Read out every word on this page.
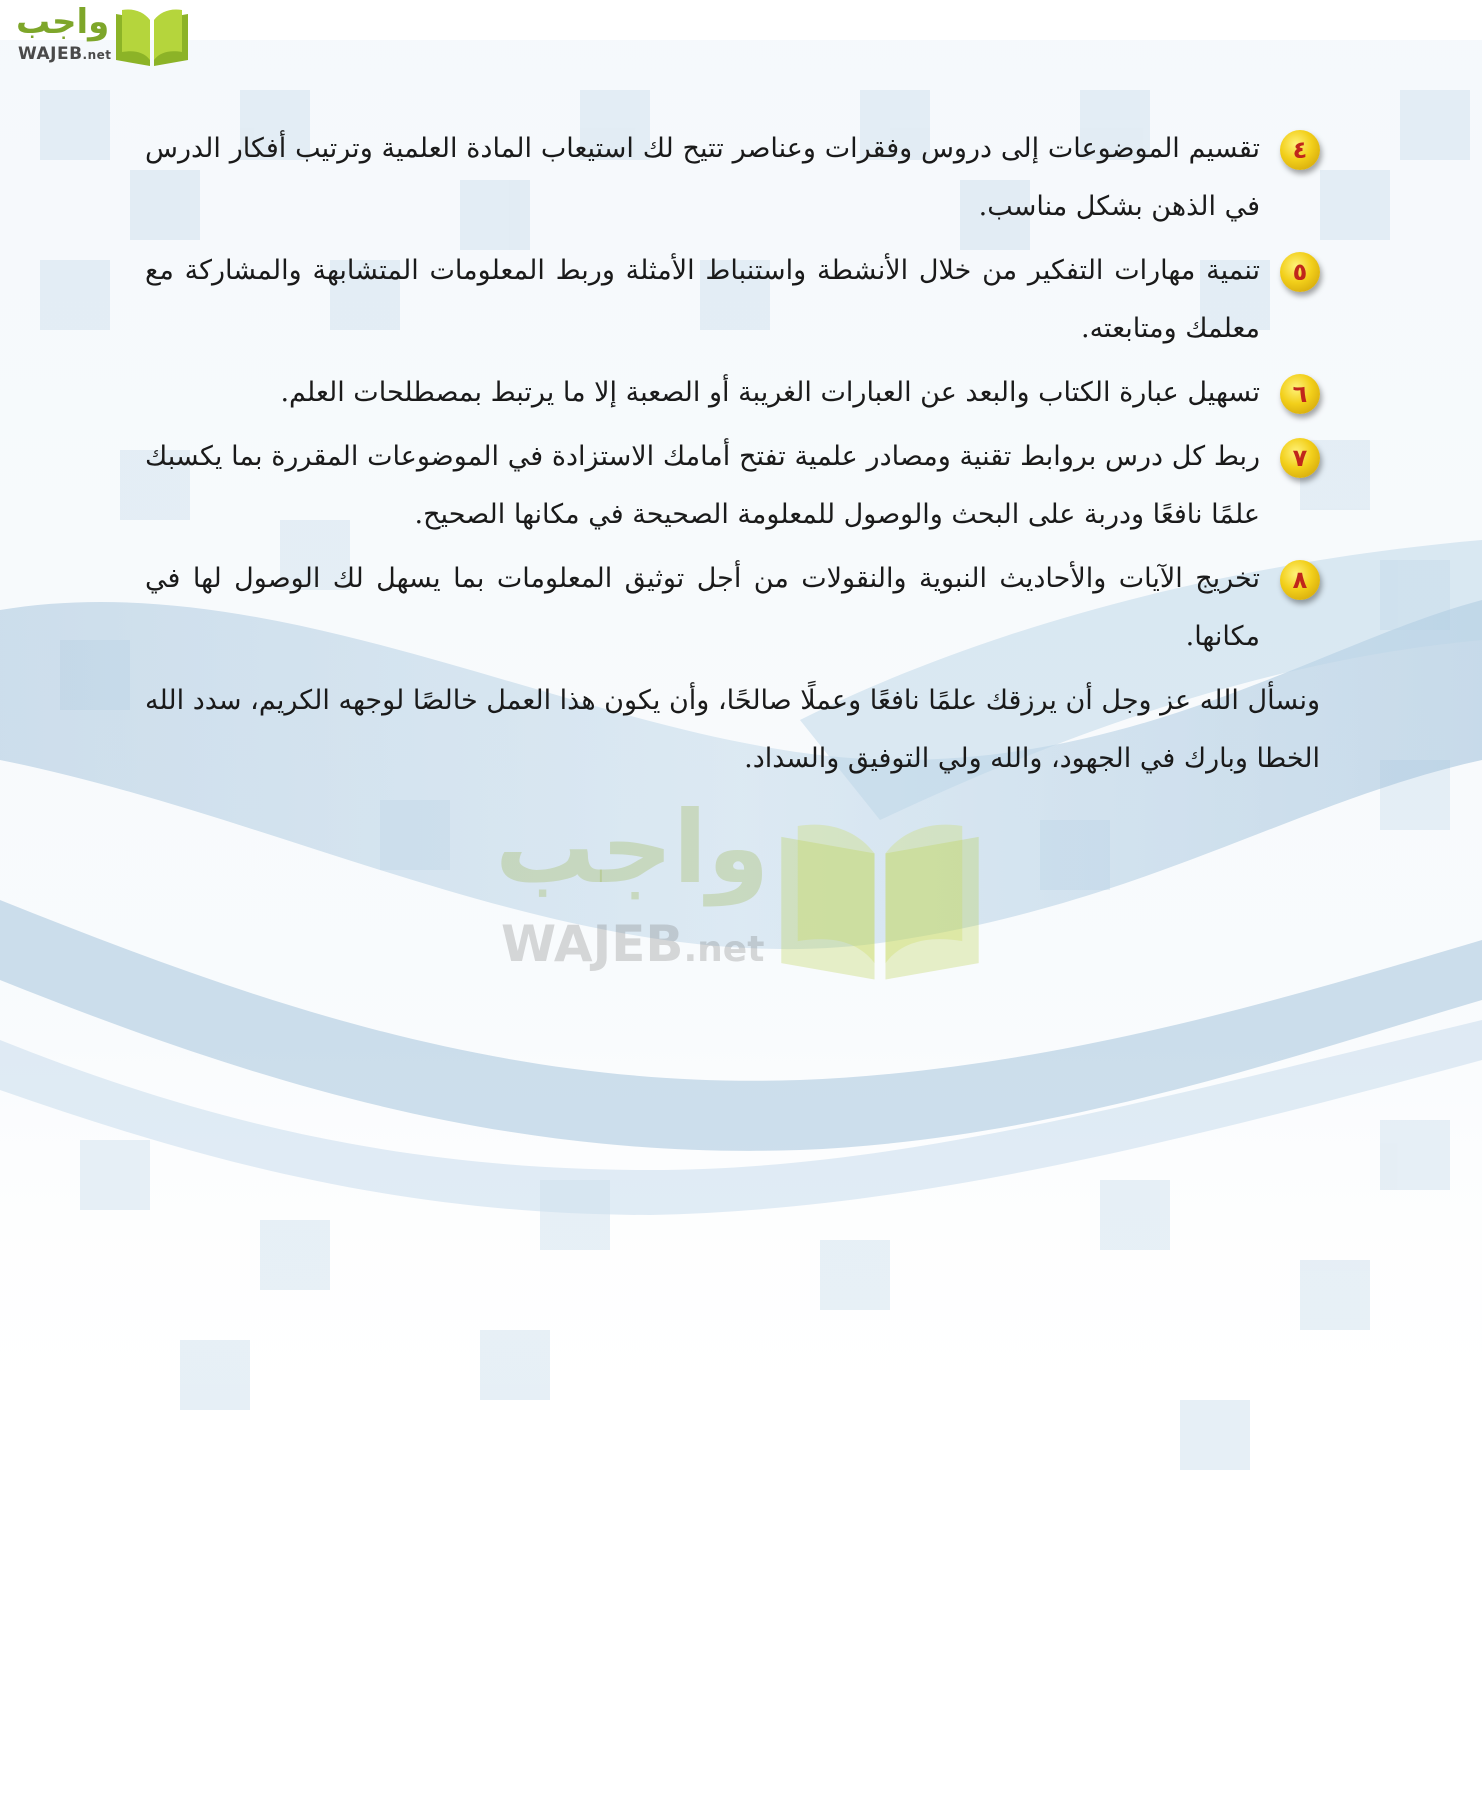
واجب
WAJEB.net
٤
تقسيم الموضوعات إلى دروس وفقرات وعناصر تتيح لك استيعاب المادة العلمية وترتيب أفكار الدرس في الذهن بشكل مناسب.
٥
تنمية مهارات التفكير من خلال الأنشطة واستنباط الأمثلة وربط المعلومات المتشابهة والمشاركة مع معلمك ومتابعته.
٦
تسهيل عبارة الكتاب والبعد عن العبارات الغريبة أو الصعبة إلا ما يرتبط بمصطلحات العلم.
٧
ربط كل درس بروابط تقنية ومصادر علمية تفتح أمامك الاستزادة في الموضوعات المقررة بما يكسبك علمًا نافعًا ودربة على البحث والوصول للمعلومة الصحيحة في مكانها الصحيح.
٨
تخريج الآيات والأحاديث النبوية والنقولات من أجل توثيق المعلومات بما يسهل لك الوصول لها في مكانها.
ونسأل الله عز وجل أن يرزقك علمًا نافعًا وعملًا صالحًا، وأن يكون هذا العمل خالصًا لوجهه الكريم، سدد الله الخطا وبارك في الجهود، والله ولي التوفيق والسداد.
واجب
WAJEB.net
